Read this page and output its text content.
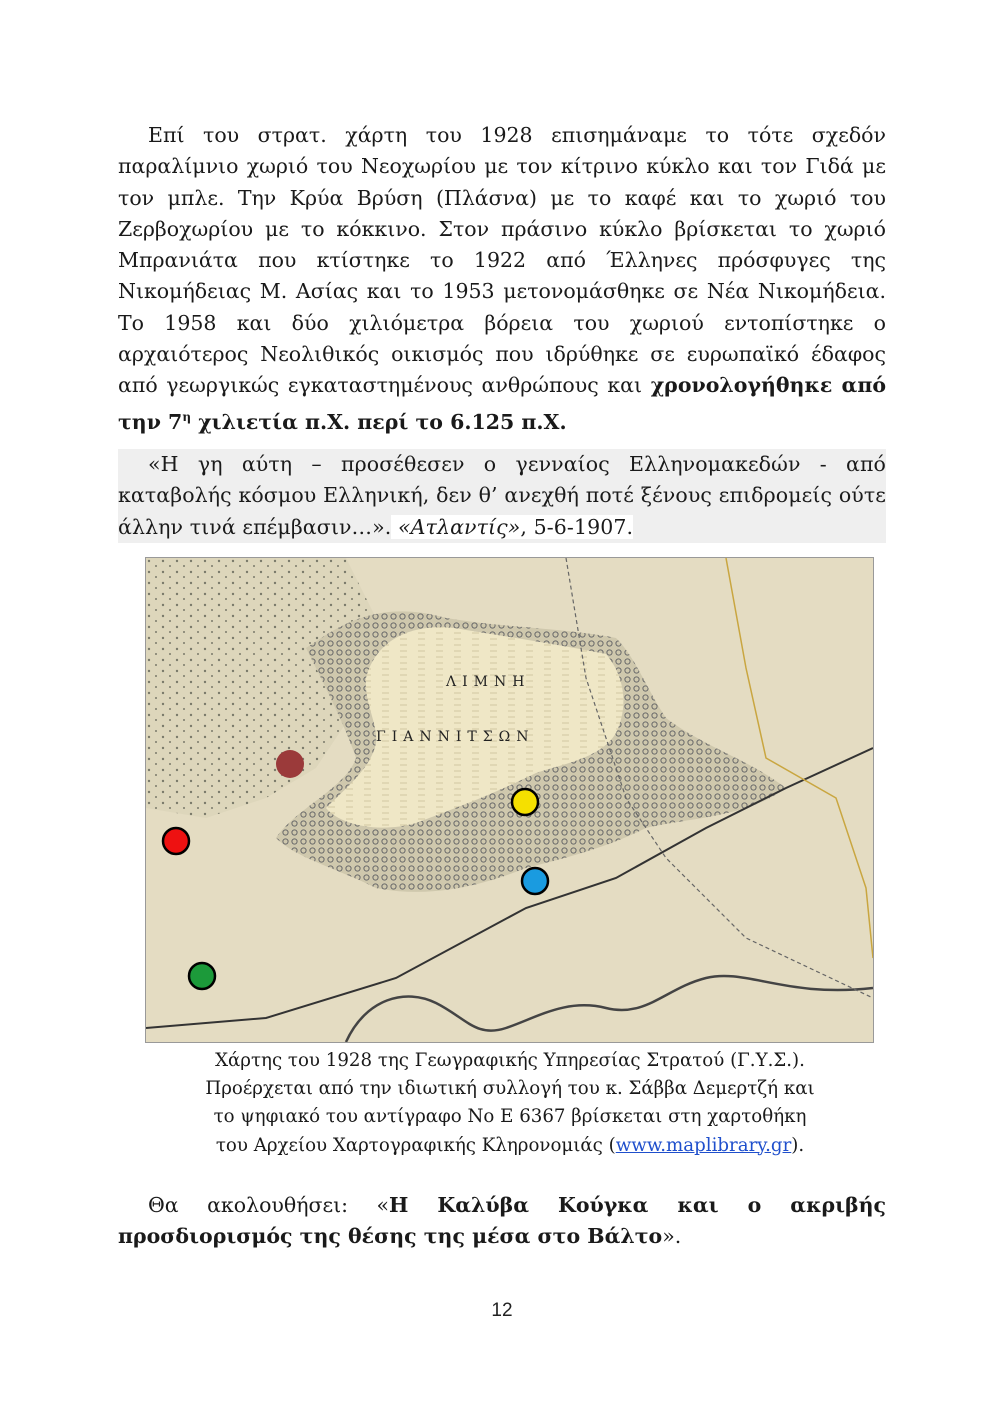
Επί του στρατ. χάρτη του 1928 επισημάναμε το τότε σχεδόν παραλίμνιο χωριό του Νεοχωρίου με τον κίτρινο κύκλο και τον Γιδά με τον μπλε. Την Κρύα Βρύση (Πλάσνα) με το καφέ και το χωριό του Ζερβοχωρίου με το κόκκινο. Στον πράσινο κύκλο βρίσκεται το χωριό Μπρανιάτα που κτίστηκε το 1922 από Έλληνες πρόσφυγες της Νικομήδειας Μ. Ασίας και το 1953 μετονομάσθηκε σε Νέα Νικομήδεια. Το 1958 και δύο χιλιόμετρα βόρεια του χωριού εντοπίστηκε ο αρχαιότερος Νεολιθικός οικισμός που ιδρύθηκε σε ευρωπαϊκό έδαφος από γεωργικώς εγκαταστημένους ανθρώπους και χρονολογήθηκε από την $7^\eta$ χιλιετία π.Χ. περί το 6.125 π.Χ.
«Η γη αύτη – προσέθεσεν ο γενναίος Ελληνομακεδών - από καταβολής κόσμου Ελληνική, δεν θ’ ανεχθή ποτέ ξένους επιδρομείς ούτε άλλην τινά επέμβασιν…». «Ατλαντίς», 5-6-1907.
ΛΙΜΝΗ
ΓΙΑΝΝΙΤΣΩΝ
Χάρτης του 1928 της Γεωγραφικής Υπηρεσίας Στρατού (Γ.Υ.Σ.).
Προέρχεται από την ιδιωτική συλλογή του κ. Σάββα Δεμερτζή και
το ψηφιακό του αντίγραφο No E 6367 βρίσκεται στη χαρτοθήκη
του Αρχείου Χαρτογραφικής Κληρονομιάς (www.maplibrary.gr).
Θα ακολουθήσει: «Η Καλύβα Κούγκα και ο ακριβής προσδιορισμός της θέσης της μέσα στο Βάλτο».
12
